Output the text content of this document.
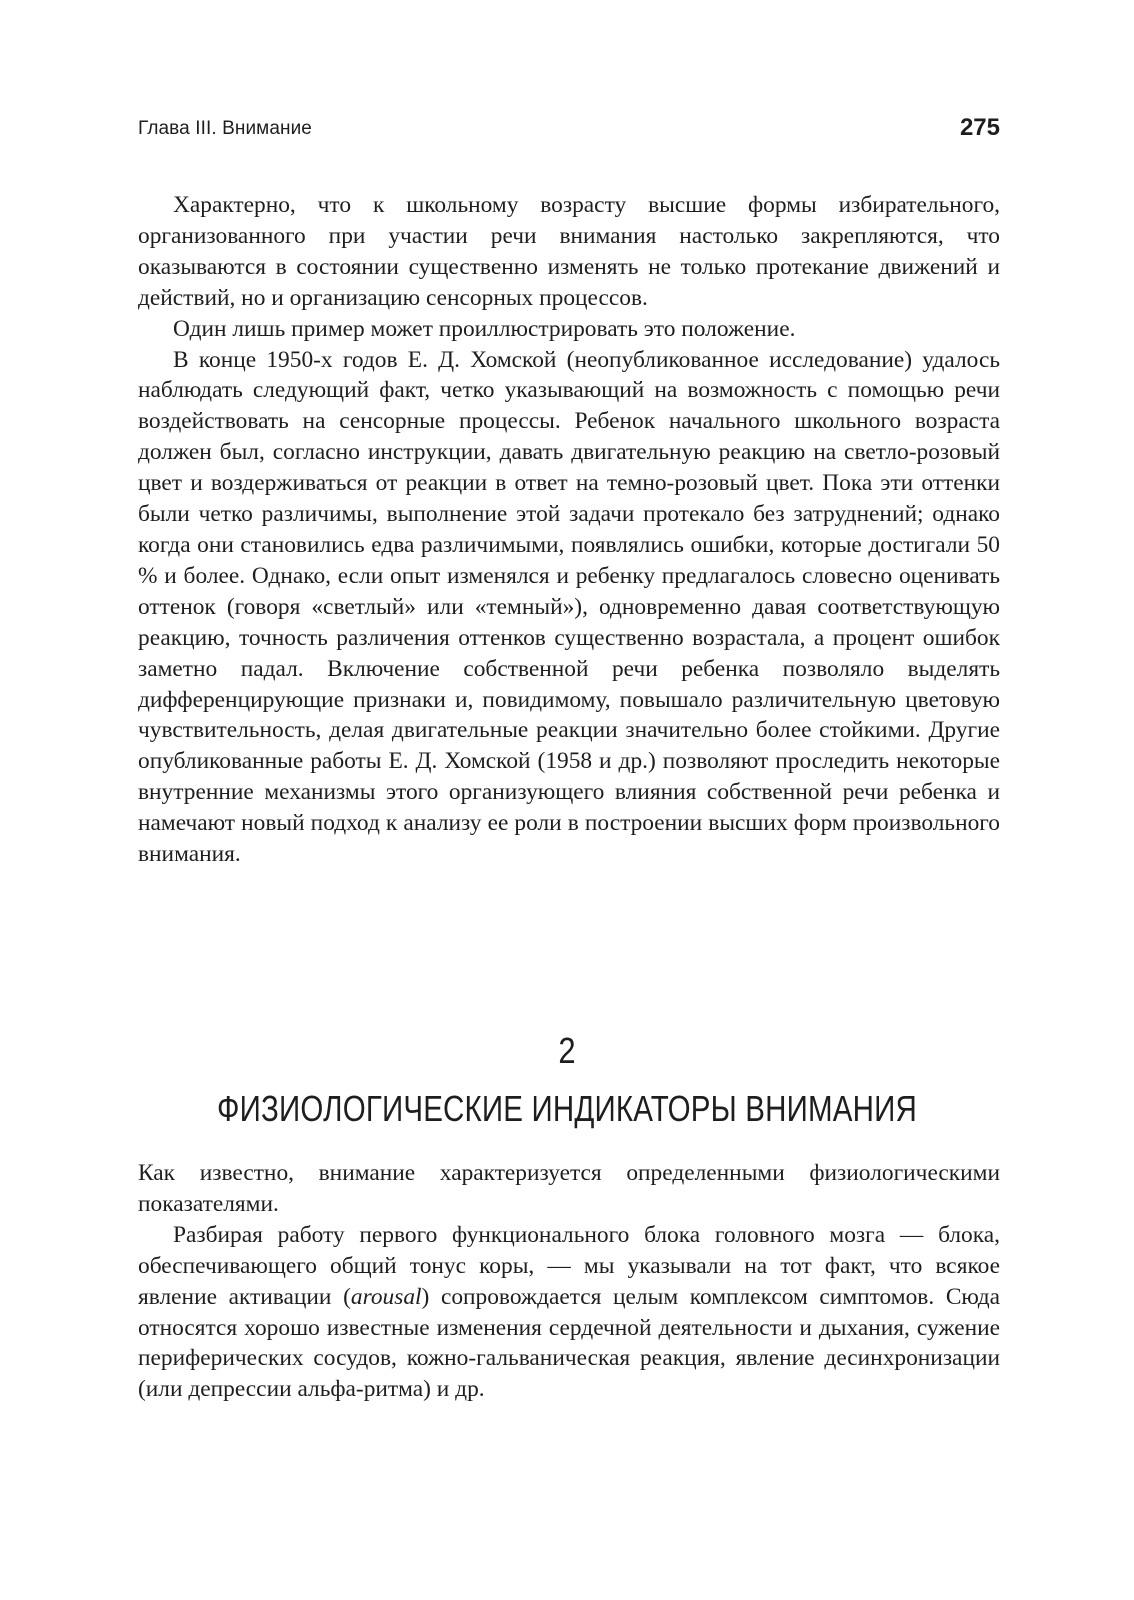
Глава III. Внимание	275

Характерно, что к школьному возрасту высшие формы избирательного, организованного при участии речи внимания настолько закрепляются, что оказываются в состоянии существенно изменять не только протекание движений и действий, но и организацию сенсорных процессов.

Один лишь пример может проиллюстрировать это положение.

В конце 1950-х годов Е. Д. Хомской (неопубликованное исследование) удалось наблюдать следующий факт, четко указывающий на возможность с помощью речи воздействовать на сенсорные процессы. Ребенок начального школьного возраста должен был, согласно инструкции, давать двигательную реакцию на светло-розовый цвет и воздерживаться от реакции в ответ на темно-розовый цвет. Пока эти оттенки были четко различимы, выполнение этой задачи протекало без затруднений; однако когда они становились едва различимыми, появлялись ошибки, которые достигали 50 % и более. Однако, если опыт изменялся и ребенку предлагалось словесно оценивать оттенок (говоря «светлый» или «темный»), одновременно давая соответствующую реакцию, точность различения оттенков существенно возрастала, а процент ошибок заметно падал. Включение собственной речи ребенка позволяло выделять дифференцирующие признаки и, повидимому, повышало различительную цветовую чувствительность, делая двигательные реакции значительно более стойкими. Другие опубликованные работы Е. Д. Хомской (1958 и др.) позволяют проследить некоторые внутренние механизмы этого организующего влияния собственной речи ребенка и намечают новый подход к анализу ее роли в построении высших форм произвольного внимания.

2
ФИЗИОЛОГИЧЕСКИЕ ИНДИКАТОРЫ ВНИМАНИЯ

Как известно, внимание характеризуется определенными физиологическими показателями.

Разбирая работу первого функционального блока головного мозга — блока, обеспечивающего общий тонус коры, — мы указывали на тот факт, что всякое явление активации (arousal) сопровождается целым комплексом симптомов. Сюда относятся хорошо известные изменения сердечной деятельности и дыхания, сужение периферических сосудов, кожно-гальваническая реакция, явление десинхронизации (или депрессии альфа-ритма) и др.
